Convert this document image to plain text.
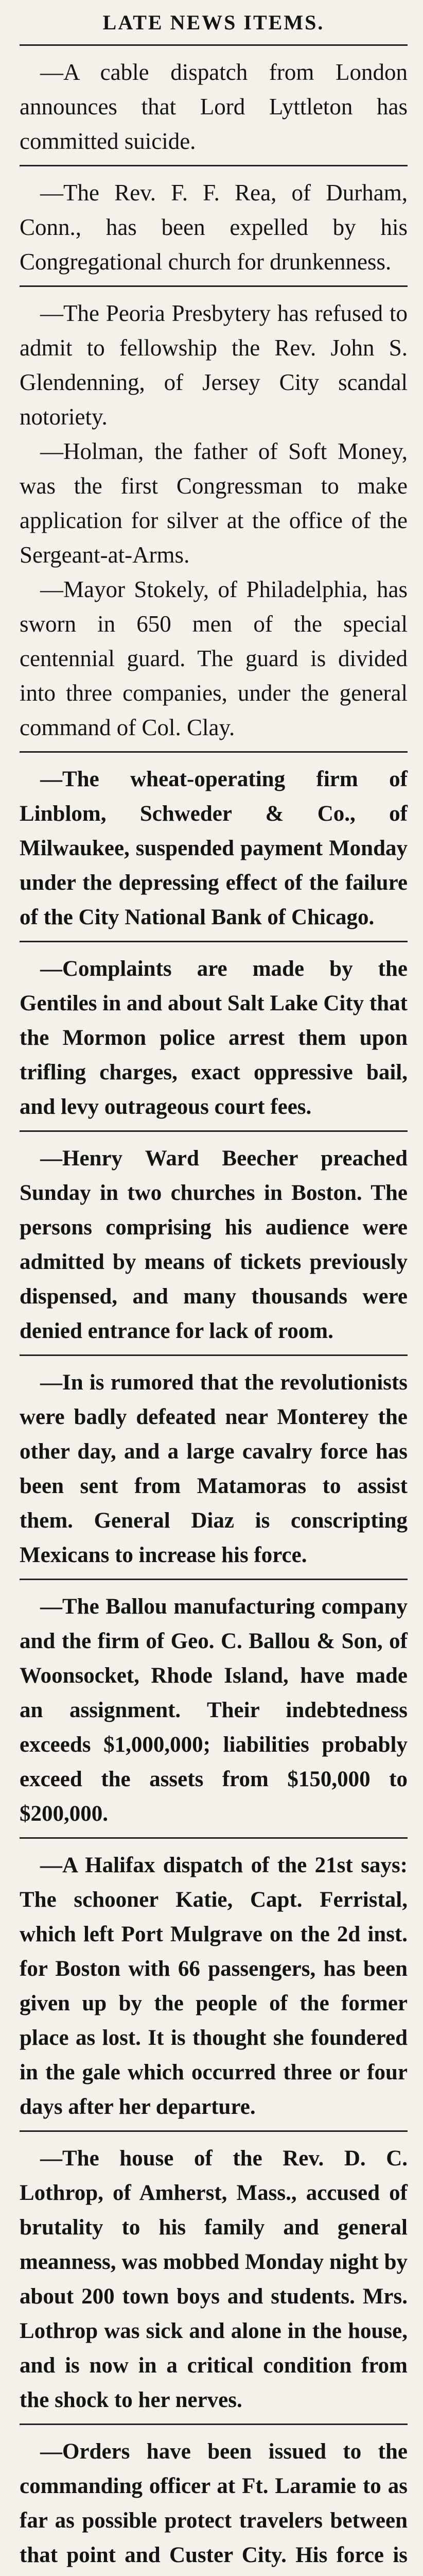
LATE NEWS ITEMS.

—A cable dispatch from London announces that Lord Lyttleton has committed suicide.

—The Rev. F. F. Rea, of Durham, Conn., has been expelled by his Congregational church for drunkenness.

—The Peoria Presbytery has refused to admit to fellowship the Rev. John S. Glendenning, of Jersey City scandal notoriety.

—Holman, the father of Soft Money, was the first Congressman to make application for silver at the office of the Sergeant-at-Arms.

—Mayor Stokely, of Philadelphia, has sworn in 650 men of the special centennial guard. The guard is divided into three companies, under the general command of Col. Clay.

—The wheat-operating firm of Linblom, Schweder & Co., of Milwaukee, suspended payment Monday under the depressing effect of the failure of the City National Bank of Chicago.

—Complaints are made by the Gentiles in and about Salt Lake City that the Mormon police arrest them upon trifling charges, exact oppressive bail, and levy outrageous court fees.

—Henry Ward Beecher preached Sunday in two churches in Boston. The persons comprising his audience were admitted by means of tickets previously dispensed, and many thousands were denied entrance for lack of room.

—In is rumored that the revolutionists were badly defeated near Monterey the other day, and a large cavalry force has been sent from Matamoras to assist them. General Diaz is conscripting Mexicans to increase his force.

—The Ballou manufacturing company and the firm of Geo. C. Ballou & Son, of Woonsocket, Rhode Island, have made an assignment. Their indebtedness exceeds $1,000,000; liabilities probably exceed the assets from $150,000 to $200,000.

—A Halifax dispatch of the 21st says: The schooner Katie, Capt. Ferristal, which left Port Mulgrave on the 2d inst. for Boston with 66 passengers, has been given up by the people of the former place as lost. It is thought she foundered in the gale which occurred three or four days after her departure.

—The house of the Rev. D. C. Lothrop, of Amherst, Mass., accused of brutality to his family and general meanness, was mobbed Monday night by about 200 town boys and students. Mrs. Lothrop was sick and alone in the house, and is now in a critical condition from the shock to her nerves.

—Orders have been issued to the commanding officer at Ft. Laramie to as far as possible protect travelers between that point and Custer City. His force is
